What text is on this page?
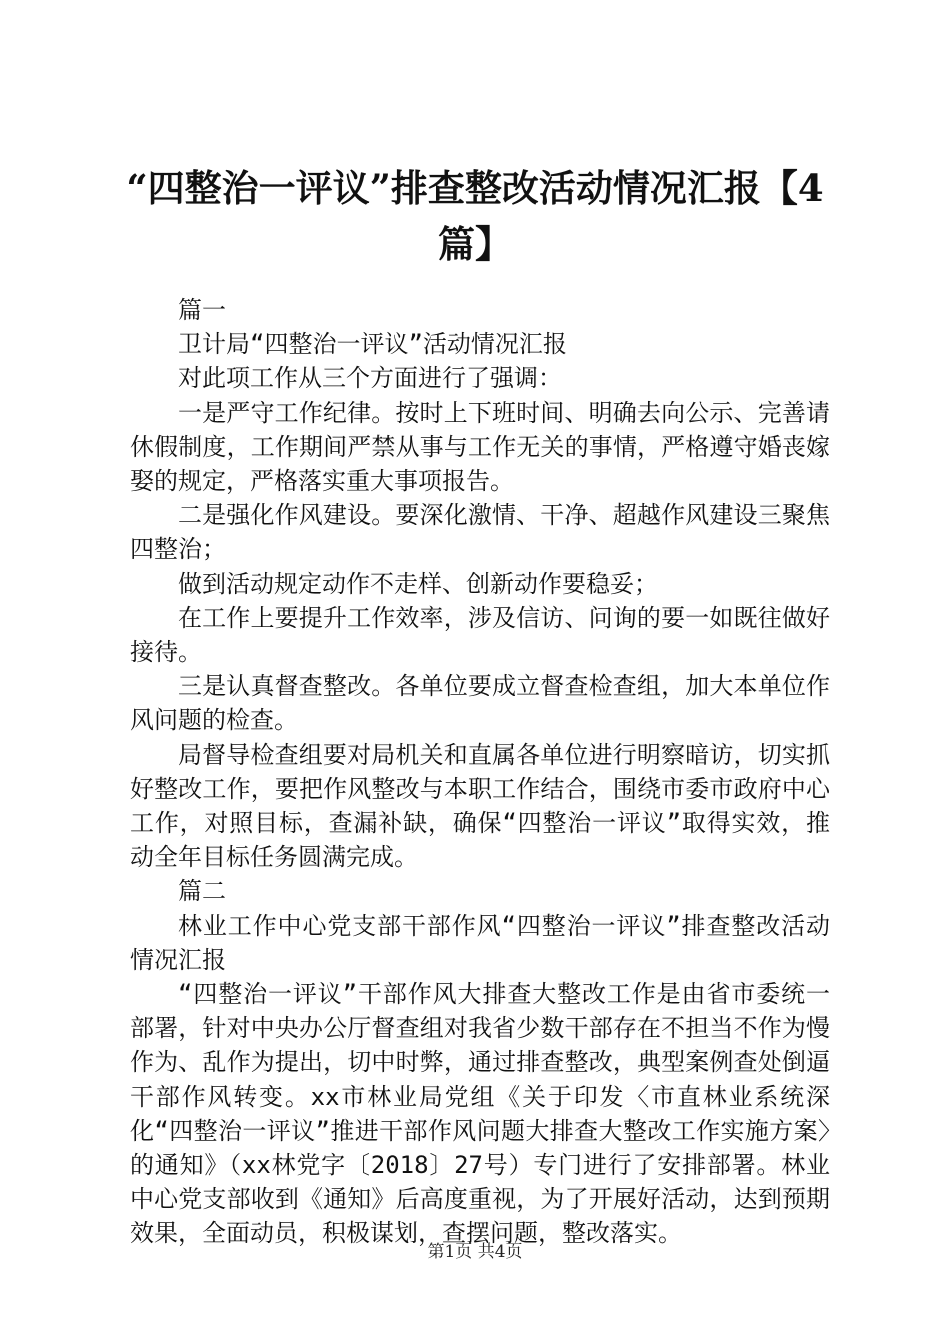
“四整治一评议”排查整改活动情况汇报【4篇】

篇一

卫计局“四整治一评议”活动情况汇报

对此项工作从三个方面进行了强调：

一是严守工作纪律。按时上下班时间、明确去向公示、完善请休假制度，工作期间严禁从事与工作无关的事情，严格遵守婚丧嫁娶的规定，严格落实重大事项报告。

二是强化作风建设。要深化激情、干净、超越作风建设三聚焦四整治；

做到活动规定动作不走样、创新动作要稳妥；

在工作上要提升工作效率，涉及信访、问询的要一如既往做好接待。

三是认真督查整改。各单位要成立督查检查组，加大本单位作风问题的检查。

局督导检查组要对局机关和直属各单位进行明察暗访，切实抓好整改工作，要把作风整改与本职工作结合，围绕市委市政府中心工作，对照目标，查漏补缺，确保“四整治一评议”取得实效，推动全年目标任务圆满完成。

篇二

林业工作中心党支部干部作风“四整治一评议”排查整改活动情况汇报

“四整治一评议”干部作风大排查大整改工作是由省市委统一部署，针对中央办公厅督查组对我省少数干部存在不担当不作为慢作为、乱作为提出，切中时弊，通过排查整改，典型案例查处倒逼干部作风转变。xx市林业局党组《关于印发〈市直林业系统深化“四整治一评议”推进干部作风问题大排查大整改工作实施方案〉的通知》（xx林党字〔2018〕27号）专门进行了安排部署。林业中心党支部收到《通知》后高度重视，为了开展好活动，达到预期效果，全面动员，积极谋划，查摆问题，整改落实。

第1页 共4页
